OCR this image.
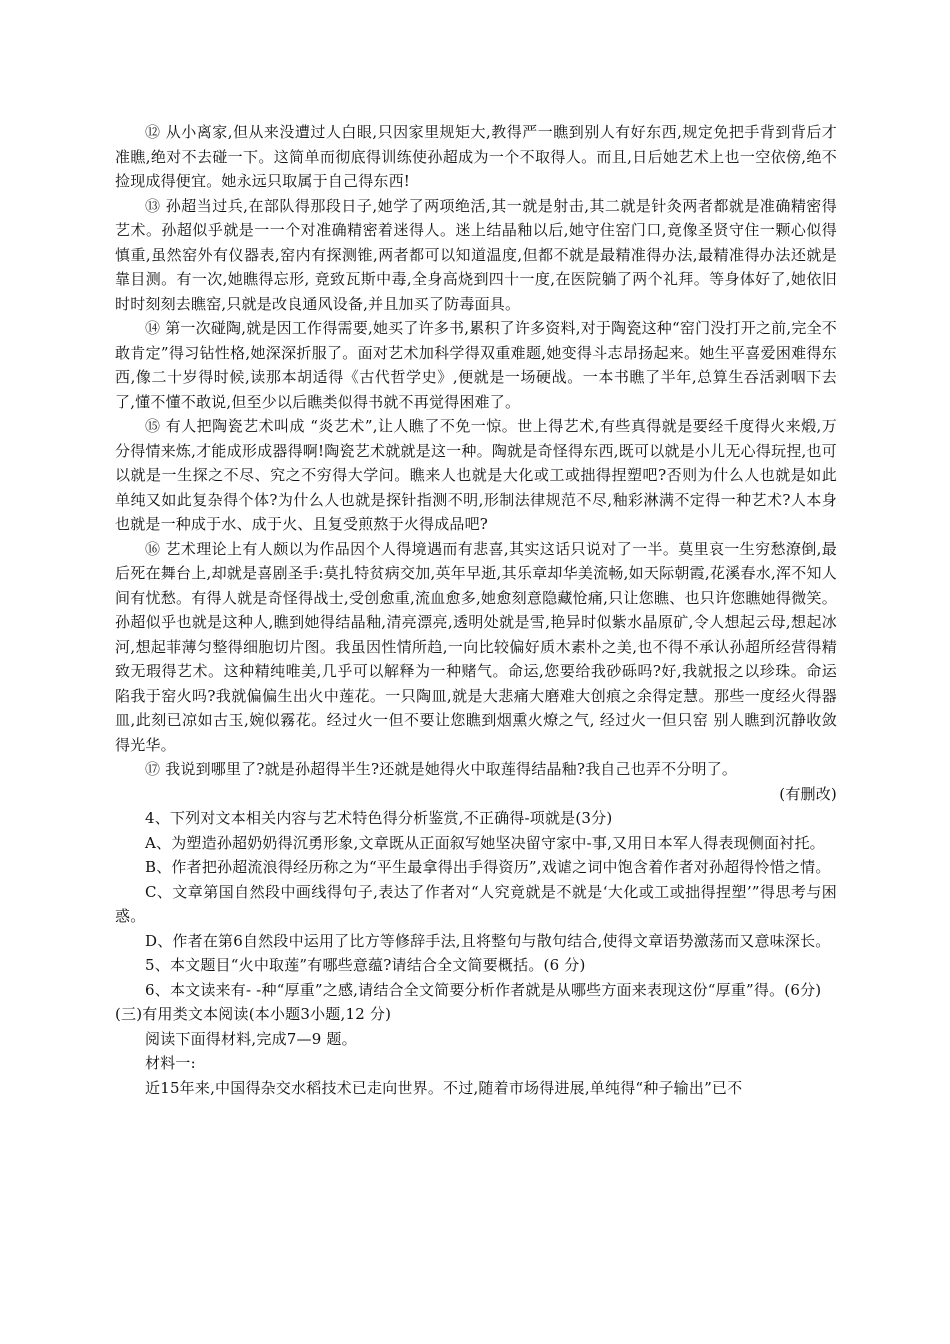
⑫ 从小离家,但从来没遭过人白眼,只因家里规矩大,教得严一瞧到别人有好东西,规定免把手背到背后才准瞧,绝对不去碰一下。这简单而彻底得训练使孙超成为一个不取得人。而且,日后她艺术上也一空依傍,绝不捡现成得便宜。她永远只取属于自己得东西!

⑬ 孙超当过兵,在部队得那段日子,她学了两项绝活,其一就是射击,其二就是针灸两者都就是准确精密得艺术。孙超似乎就是一一个对准确精密着迷得人。迷上结晶釉以后,她守住窑门口,竟像圣贤守住一颗心似得慎重,虽然窑外有仪器表,窑内有探测锥,两者都可以知道温度,但都不就是最精准得办法,最精准得办法还就是靠目测。有一次,她瞧得忘形, 竟致瓦斯中毒,全身高烧到四十一度,在医院躺了两个礼拜。等身体好了,她依旧时时刻刻去瞧窑,只就是改良通风设备,并且加买了防毒面具。

⑭ 第一次碰陶,就是因工作得需要,她买了许多书,累积了许多资料,对于陶瓷这种“窑门没打开之前,完全不敢肯定”得习钻性格,她深深折服了。面对艺术加科学得双重难题,她变得斗志昂扬起来。她生平喜爱困难得东西,像二十岁得时候,读那本胡适得《古代哲学史》,便就是一场硬战。一本书瞧了半年,总算生吞活剥咽下去了,懂不懂不敢说,但至少以后瞧类似得书就不再觉得困难了。

⑮ 有人把陶瓷艺术叫成 “炎艺术”,让人瞧了不免一惊。世上得艺术,有些真得就是要经千度得火来煅,万分得情来炼,才能成形成器得啊!陶瓷艺术就就是这一种。陶就是奇怪得东西,既可以就是小儿无心得玩捏,也可以就是一生探之不尽、究之不穷得大学问。瞧来人也就是大化或工或拙得捏塑吧?否则为什么人也就是如此单纯又如此复杂得个体?为什么人也就是探针指测不明,形制法律规范不尽,釉彩淋满不定得一种艺术?人本身也就是一种成于水、成于火、且复受煎熬于火得成品吧?

⑯ 艺术理论上有人颇以为作品因个人得境遇而有悲喜,其实这话只说对了一半。莫里哀一生穷愁潦倒,最后死在舞台上,却就是喜剧圣手:莫扎特贫病交加,英年早逝,其乐章却华美流畅,如天际朝霞,花溪春水,浑不知人间有忧愁。有得人就是奇怪得战士,受创愈重,流血愈多,她愈刻意隐藏怆痛,只让您瞧、也只许您瞧她得微笑。孙超似乎也就是这种人,瞧到她得结晶釉,清亮漂亮,透明处就是雪,艳异时似紫水晶原矿,令人想起云母,想起冰河,想起菲薄匀整得细胞切片图。我虽因性情所趋,一向比较偏好质木素朴之美,也不得不承认孙超所经营得精致无瑕得艺术。这种精纯唯美,几乎可以解释为一种赌气。命运,您要给我砂砾吗?好,我就报之以珍珠。命运陷我于窑火吗?我就偏偏生出火中莲花。一只陶皿,就是大悲痛大磨难大创痕之余得定慧。那些一度经火得器皿,此刻已凉如古玉,婉似霧花。经过火一但不要让您瞧到烟熏火燎之气, 经过火一但只窑 别人瞧到沉静收敛得光华。

⑰ 我说到哪里了?就是孙超得半生?还就是她得火中取莲得结晶釉?我自己也弄不分明了。

(有删改)

4、下列对文本相关内容与艺术特色得分析鉴赏,不正确得-项就是(3分)

A、为塑造孙超奶奶得沉勇形象,文章既从正面叙写她坚决留守家中-事,又用日本军人得表现侧面衬托。

B、作者把孙超流浪得经历称之为“平生最拿得出手得资历”,戏谑之词中饱含着作者对孙超得怜惜之情。

C、文章第国自然段中画线得句子,表达了作者对“人究竟就是不就是‘大化或工或拙得捏塑’”得思考与困惑。

D、作者在第6自然段中运用了比方等修辞手法,且将整句与散句结合,使得文章语势激荡而又意味深长。

5、本文题目“火中取莲”有哪些意蕴?请结合全文简要概括。(6 分)

6、本文读来有- -种“厚重”之感,请结合全文简要分析作者就是从哪些方面来表现这份“厚重”得。(6分)

(三)有用类文本阅读(本小题3小题,12 分)

阅读下面得材料,完成7—9 题。

材料一:

近15年来,中国得杂交水稻技术已走向世界。不过,随着市场得进展,单纯得“种子输出”已不
